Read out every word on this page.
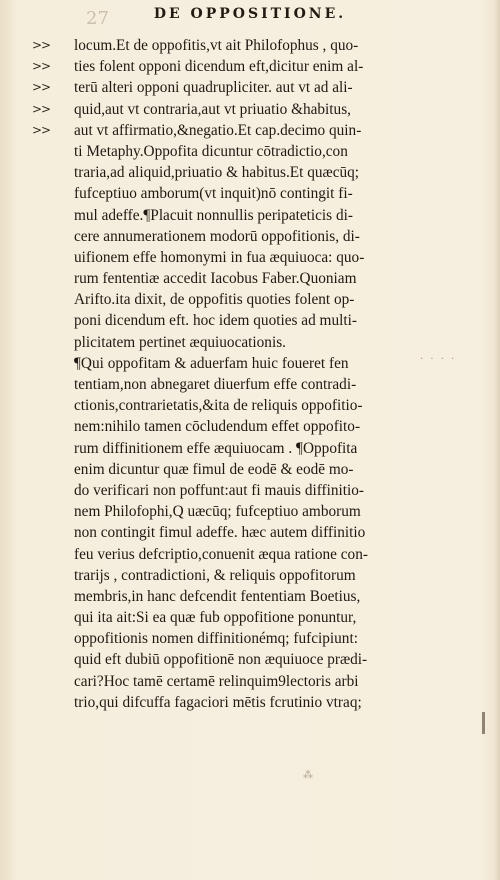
27	DE OPPOSITIONE.
>> locum.Et de oppofitis,vt ait Philofophus , quo-
>> ties folent opponi dicendum eft,dicitur enim al-
>> terū alteri opponi quadrupliciter. aut vt ad ali-
>> quid,aut vt contraria,aut vt priuatio &habitus,
>> aut vt affirmatio,&negatio.Et cap.decimo quin-
ti Metaphy.Oppofita dicuntur cōtradictio,con
traria,ad aliquid,priuatio & habitus.Et quæcūq;
fufceptiuo amborum(vt inquit)nō contingit fi-
mul adeffe.¶Placuit nonnullis peripateticis di-
cere annumerationem modorū oppofitionis, di-
uifionem effe homonymi in fua æquiuoca: quo-
rum fententiæ accedit Iacobus Faber.Quoniam
Arifto.ita dixit, de oppofitis quoties folent op-
poni dicendum eft. hoc idem quoties ad multi-
plicitatem pertinet æquiuocationis.
¶Qui oppofitam & aduerfam huic foueret fen
tentiam,non abnegaret diuerfum effe contradi-
ctionis,contrarietatis,&ita de reliquis oppofitio-
nem:nihilo tamen cōcludendum effet oppofito-
rum diffinitionem effe æquiuocam . ¶Oppofita
enim dicuntur quæ fimul de eodē & eodē mo-
do verificari non poffunt:aut fi mauis diffinitio-
nem Philofophi,Q uæcūq; fufceptiuo amborum
non contingit fimul adeffe. hæc autem diffinitio
feu verius defcriptio,conuenit æqua ratione con-
trarijs , contradictioni, & reliquis oppofitorum
membris,in hanc defcendit fententiam Boetius,
qui ita ait:Si ea quæ fub oppofitione ponuntur,
oppofitionis nomen diffinitionémq; fufcipiunt:
quid eft dubiū oppofitionē non æquiuoce prædi-
cari?Hoc tamē certamē relinquim9lectoris arbi
trio,qui difcuffa fagaciori mētis fcrutinio vtraq;
· · · ·
⁂
